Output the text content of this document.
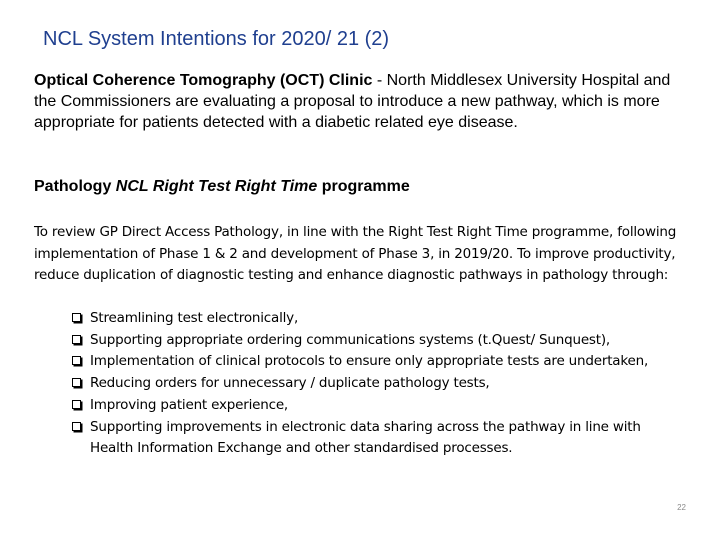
NCL System Intentions for 2020/ 21 (2)
Optical Coherence Tomography (OCT) Clinic - North Middlesex University Hospital and the Commissioners are evaluating a proposal to introduce a new pathway, which is more appropriate for patients detected with a diabetic related eye disease.
Pathology NCL Right Test Right Time programme
To review GP Direct Access Pathology, in line with the Right Test Right Time programme, following implementation of Phase 1 & 2 and development of Phase 3, in 2019/20. To improve productivity, reduce duplication of diagnostic testing and enhance diagnostic pathways in pathology through:
Streamlining test electronically,
Supporting appropriate ordering communications systems (t.Quest/ Sunquest),
Implementation of clinical protocols to ensure only appropriate tests are undertaken,
Reducing orders for unnecessary / duplicate pathology tests,
Improving patient experience,
Supporting improvements in electronic data sharing across the pathway in line with Health Information Exchange and other standardised processes.
22
